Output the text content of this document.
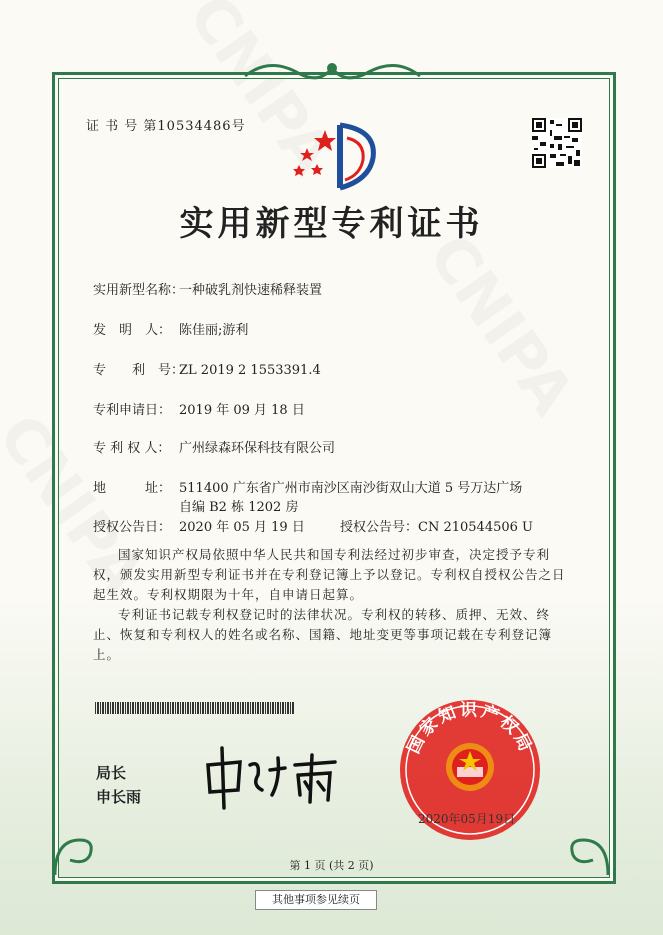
证 书 号 第10534486号
实用新型专利证书
实用新型名称：一种破乳剂快速稀释装置
发　明　人： 陈佳丽;游利
专　　利　号：ZL 2019 2 1553391.4
专利申请日： 2019 年 09 月 18 日
专 利 权 人： 广州绿森环保科技有限公司
地　　　址： 511400 广东省广州市南沙区南沙街双山大道 5 号万达广场
自编 B2 栋 1202 房
授权公告日： 2020 年 05 月 19 日	授权公告号：CN 210544506 U
国家知识产权局依照中华人民共和国专利法经过初步审查，决定授予专利权，颁发实用新型专利证书并在专利登记簿上予以登记。专利权自授权公告之日起生效。专利权期限为十年，自申请日起算。
专利证书记载专利权登记时的法律状况。专利权的转移、质押、无效、终止、恢复和专利权人的姓名或名称、国籍、地址变更等事项记载在专利登记簿上。
局长
申长雨
国家知识产权局
2020年05月19日
第 1 页 (共 2 页)
其他事项参见续页
